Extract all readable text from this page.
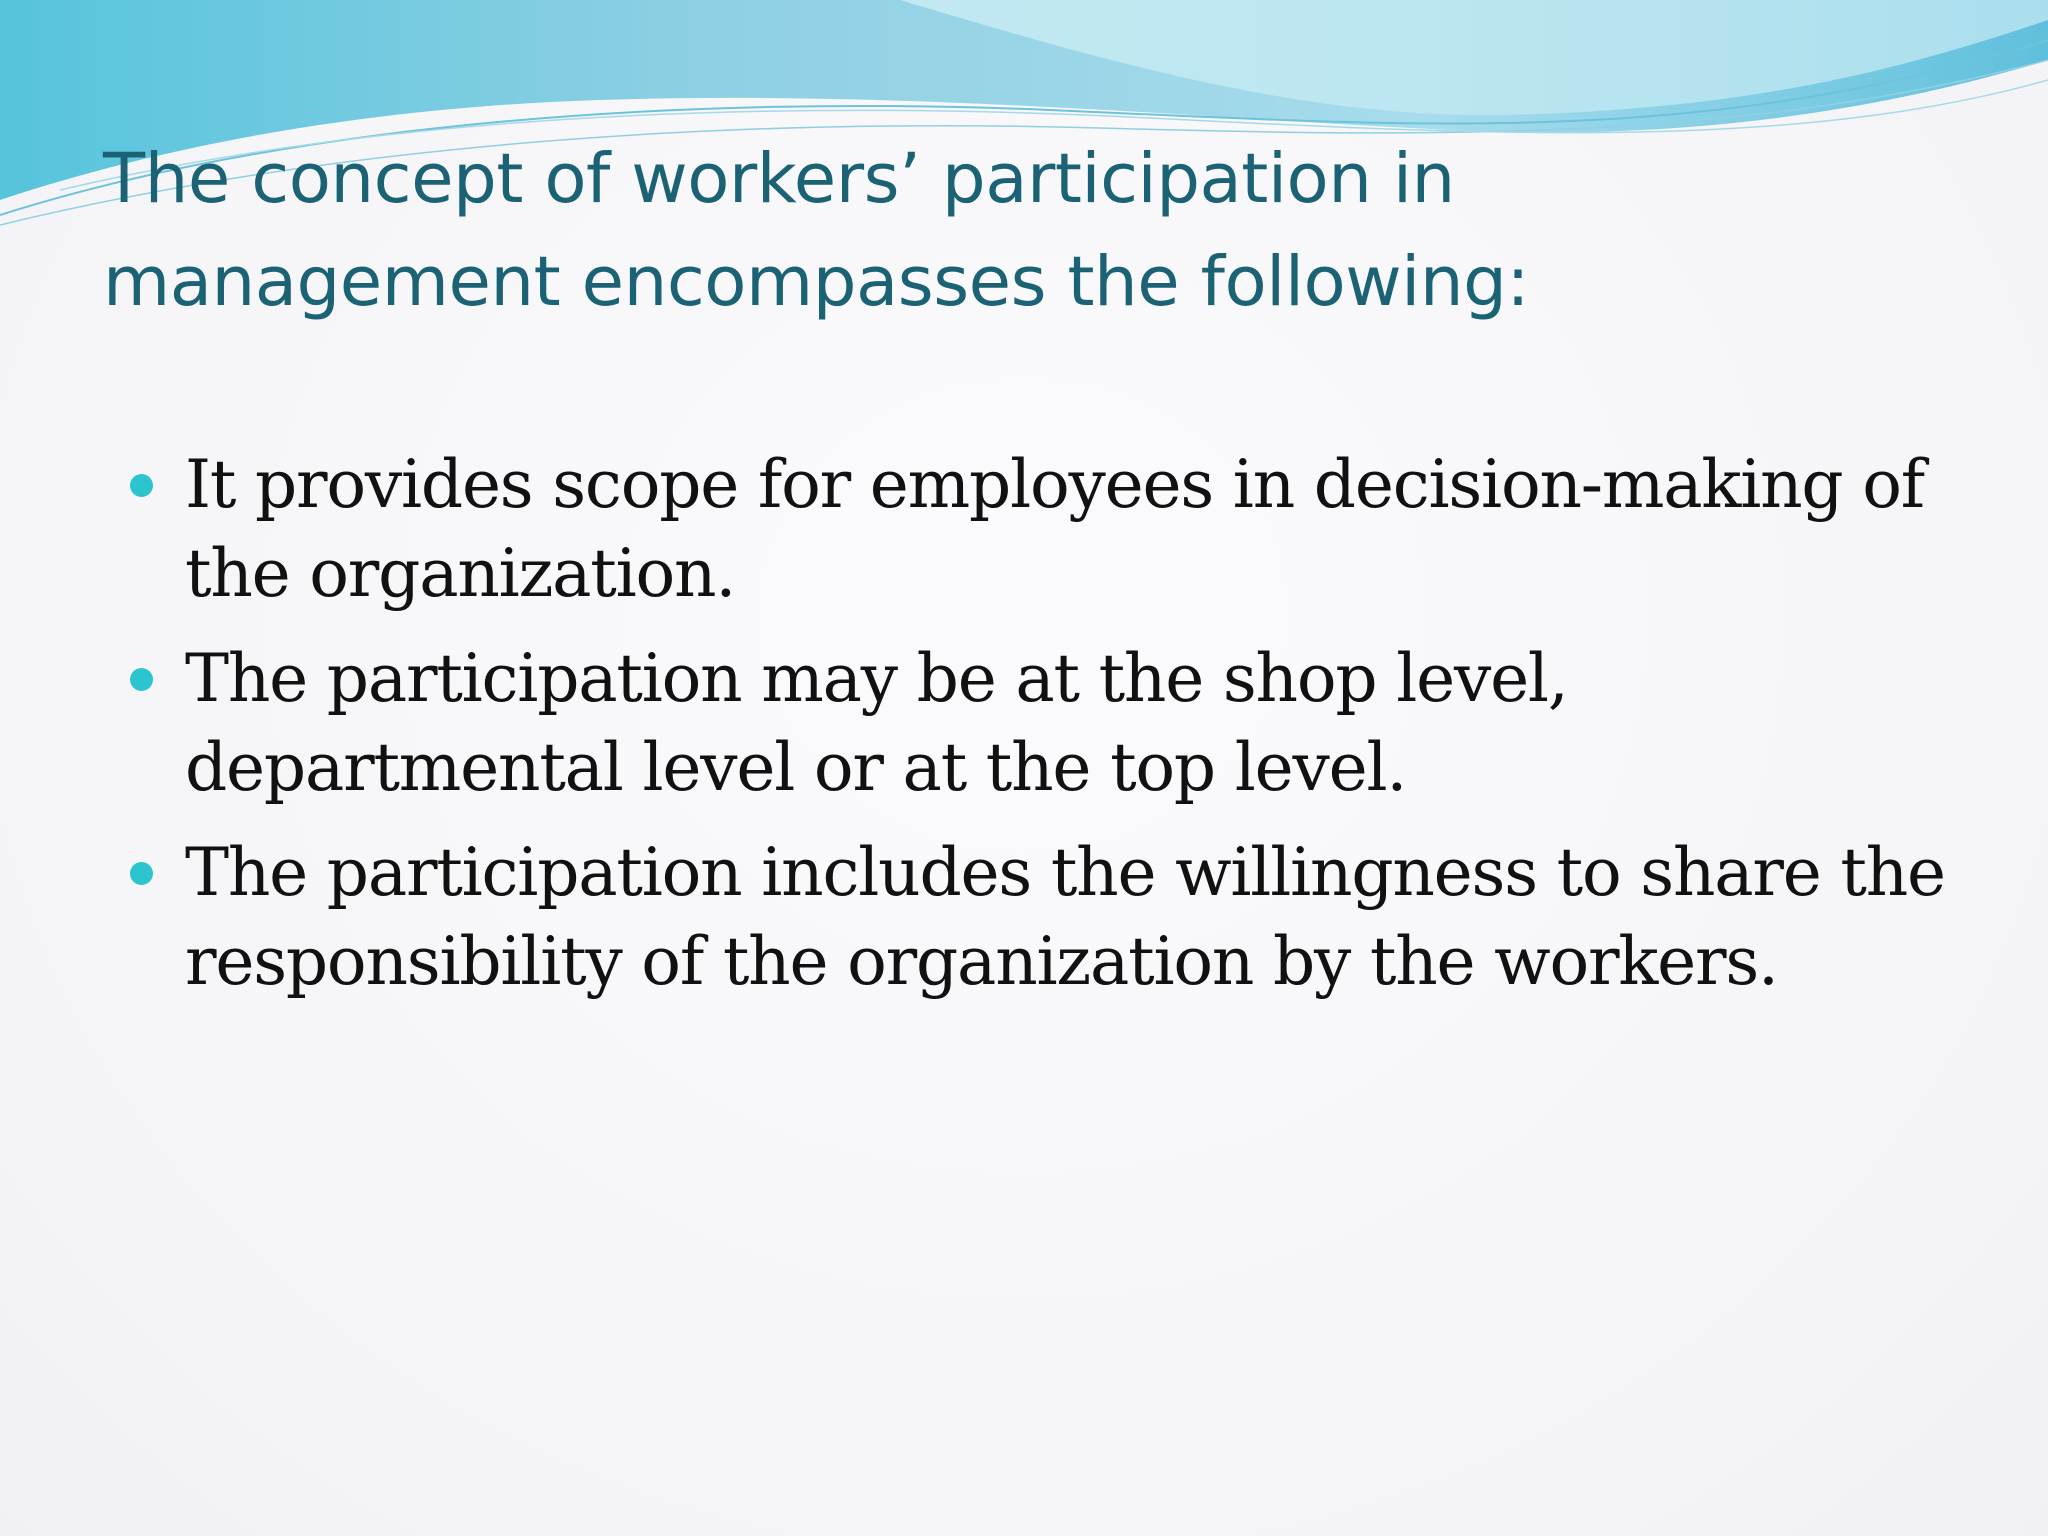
The concept of workers’ participation in management encompasses the following:
It provides scope for employees in decision-making of the organization.
The participation may be at the shop level, departmental level or at the top level.
The participation includes the willingness to share the responsibility of the organization by the workers.
